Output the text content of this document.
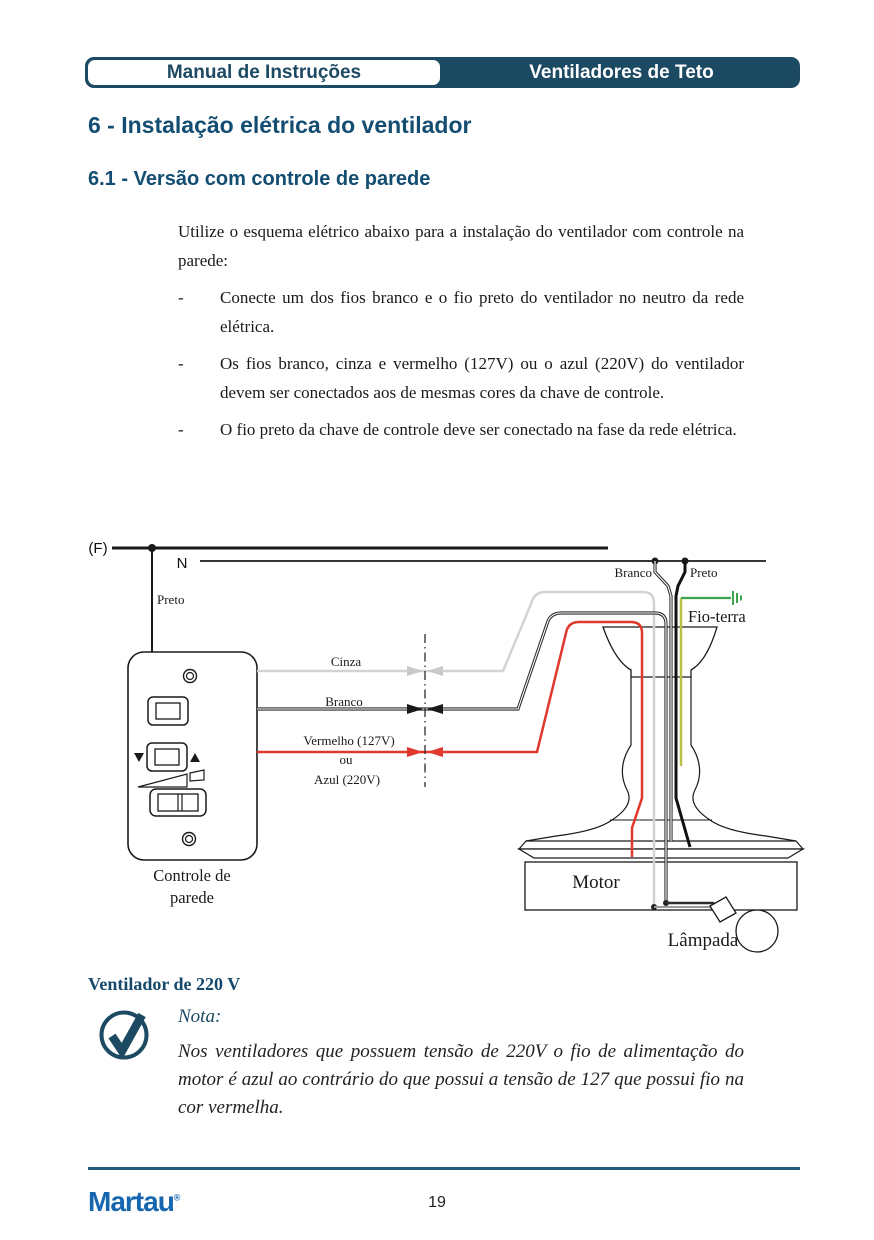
Manual de Instruções	Ventiladores de Teto
6 - Instalação elétrica do ventilador
6.1 - Versão com controle de parede

Utilize o esquema elétrico abaixo para a instalação do ventilador com controle na parede:

-	Conecte um dos fios branco e o fio preto do ventilador no neutro da rede elétrica.

-	Os fios branco, cinza e vermelho (127V) ou o azul (220V) do ventilador devem ser conectados aos de mesmas cores da chave de controle.

-	O fio preto da chave de controle deve ser conectado na fase da rede elétrica.

(F)
N
Preto
Cinza
Branco
Vermelho (127V)
ou
Azul (220V)
Branco	Preto
Fio-terra
Motor
Lâmpada
Controle de
parede
Ventilador de 220 V
Nota:

Nos ventiladores que possuem tensão de 220V o fio de alimentação do motor é azul ao contrário do que possui a tensão de 127 que possui fio na cor vermelha.

Martau®	19
